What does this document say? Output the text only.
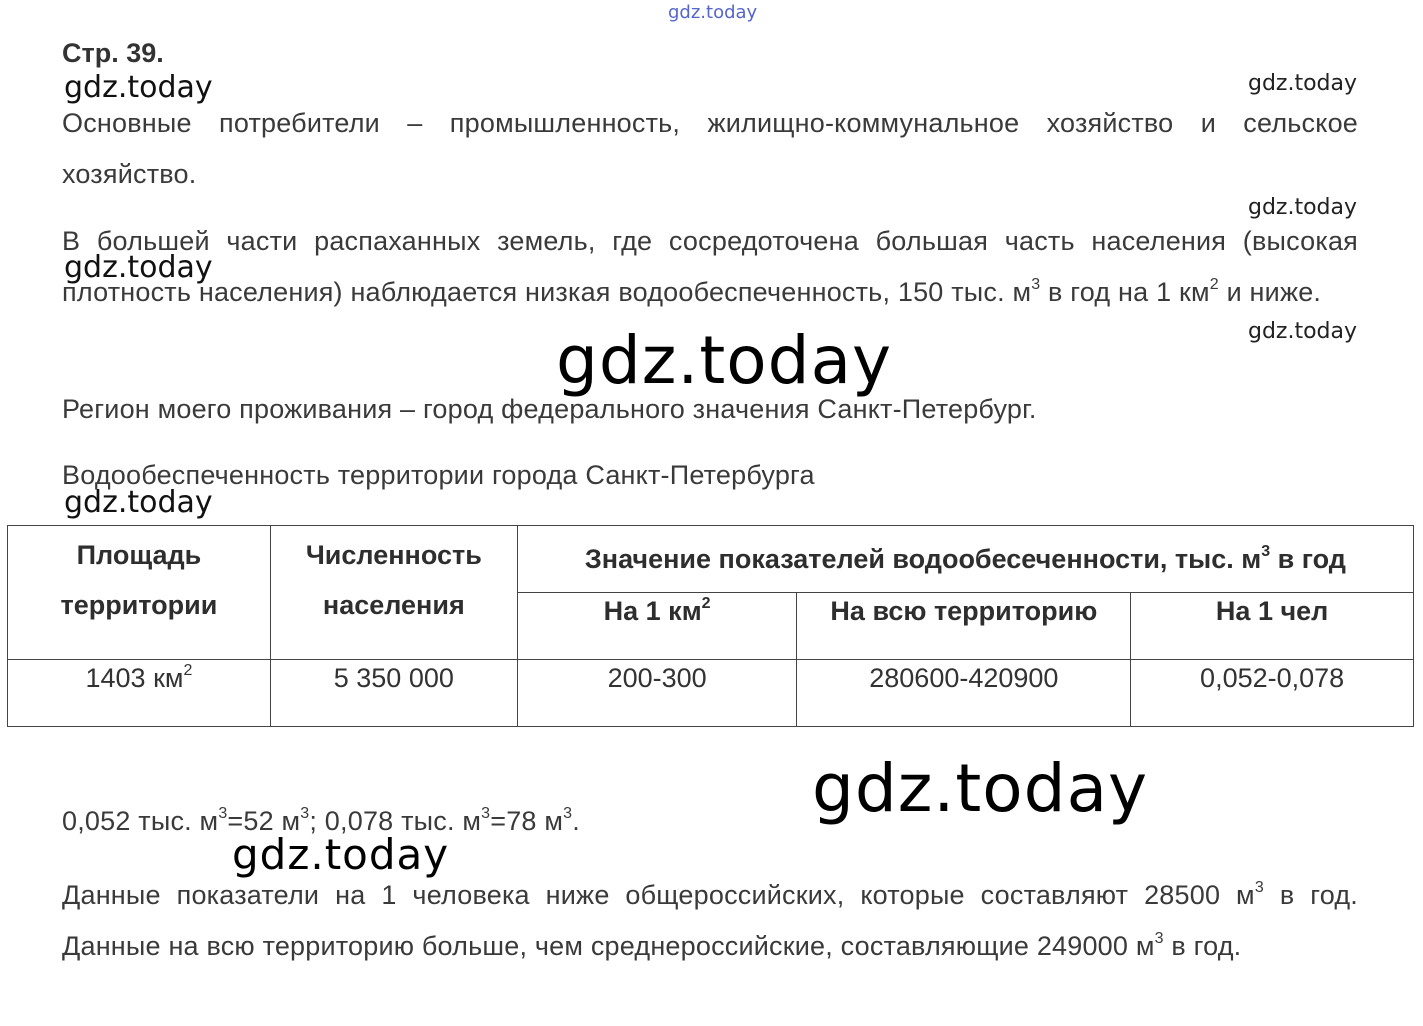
gdz.today
gdz.today
gdz.today
gdz.today
Стр. 39.
gdz.today
Основные потребители – промышленность, жилищно-коммунальное хозяйство и сельское хозяйство.
В большей части распаханных земель, где сосредоточена большая часть населения (высокая плотность населения) наблюдается низкая водообеспеченность, 150 тыс. $м^3$ в год на 1 $км^2$ и ниже.
gdz.today
gdz.today
Регион моего проживания – город федерального значения Санкт-Петербург.
Водообеспеченность территории города Санкт-Петербурга
gdz.today
Площадь территории	Численность населения	Значение показателей водообесеченности, тыс. $м^3$ в год		
		На 1 $км^2$	На всю территорию	На 1 чел
1403 $км^2$	5 350 000	200-300	280600-420900	0,052-0,078
gdz.today
0,052 тыс. $м^3=52$ $м^3$; 0,078 тыс. $м^3=78$ $м^3$.
gdz.today
Данные показатели на 1 человека ниже общероссийских, которые составляют 28500 $м^3$ в год. Данные на всю территорию больше, чем среднероссийские, составляющие 249000 $м^3$ в год.
